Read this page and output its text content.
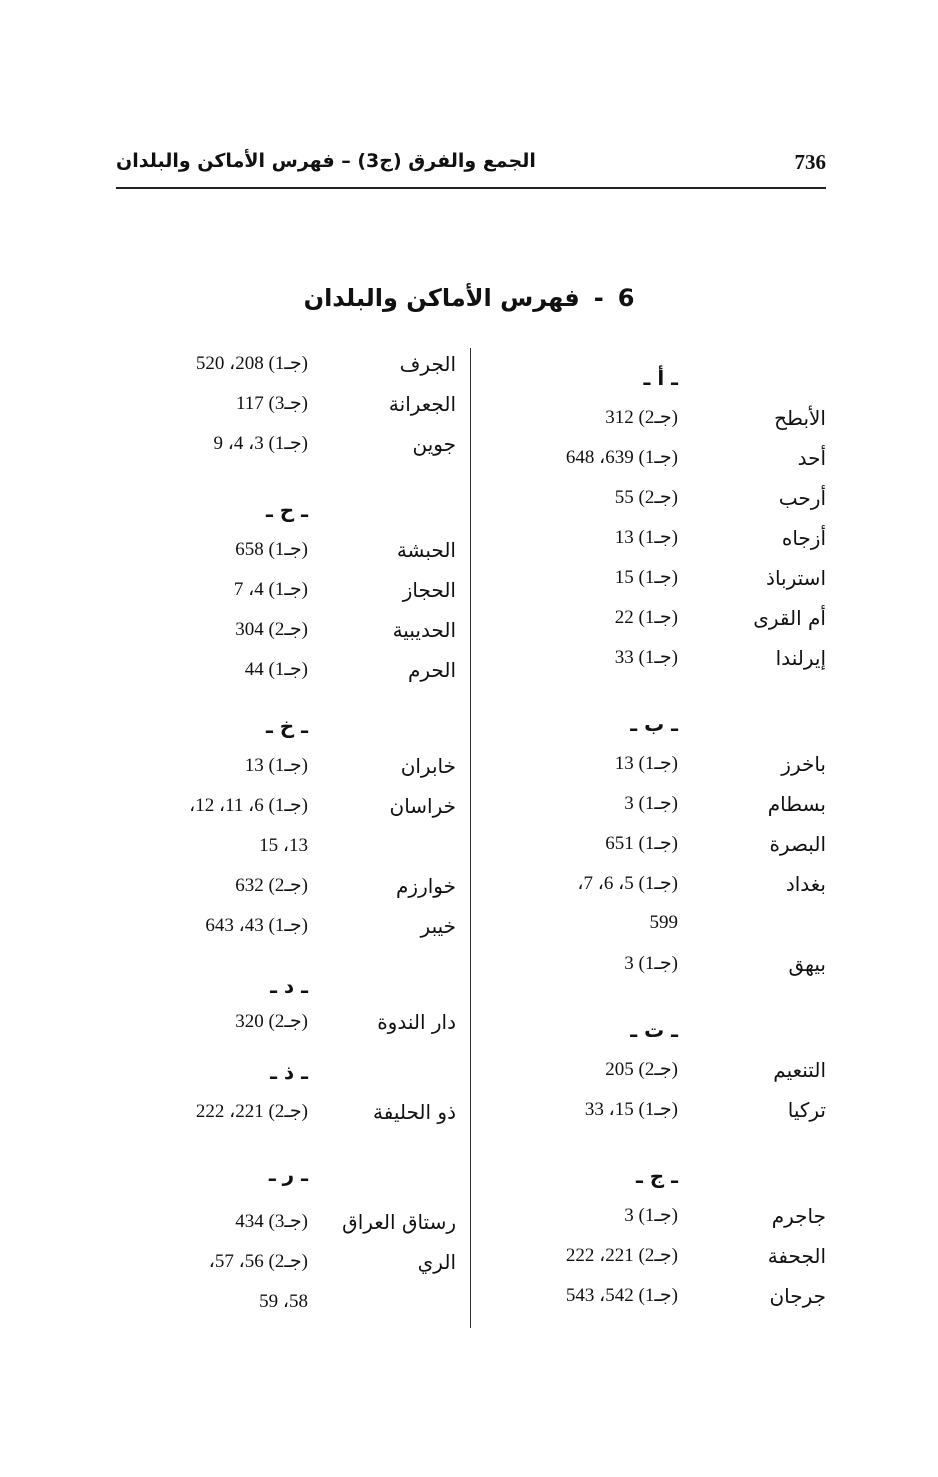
736
الجمع والفرق (ج3) – فهرس الأماكن والبلدان
6-فهرس الأماكن والبلدان
ـ أ ـ
الأبطح
(جـ2) 312
أحد
(جـ1) 639، 648
أرحب
(جـ2) 55
أزجاه
(جـ1) 13
استرباذ
(جـ1) 15
أم القرى
(جـ1) 22
إيرلندا
(جـ1) 33
ـ ب ـ
باخرز
(جـ1) 13
بسطام
(جـ1) 3
البصرة
(جـ1) 651
بغداد
(جـ1) 5، 6، 7،
599
بيهق
(جـ1) 3
ـ ت ـ
التنعيم
(جـ2) 205
تركيا
(جـ1) 15، 33
ـ ج ـ
جاجرم
(جـ1) 3
الجحفة
(جـ2) 221، 222
جرجان
(جـ1) 542، 543
الجرف
(جـ1) 208، 520
الجعرانة
(جـ3) 117
جوين
(جـ1) 3، 4، 9
ـ ح ـ
الحبشة
(جـ1) 658
الحجاز
(جـ1) 4، 7
الحديبية
(جـ2) 304
الحرم
(جـ1) 44
ـ خ ـ
خابران
(جـ1) 13
خراسان
(جـ1) 6، 11، 12،
13، 15
خوارزم
(جـ2) 632
خيبر
(جـ1) 43، 643
ـ د ـ
دار الندوة
(جـ2) 320
ـ ذ ـ
ذو الحليفة
(جـ2) 221، 222
ـ ر ـ
رستاق العراق
(جـ3) 434
الري
(جـ2) 56، 57،
58، 59
